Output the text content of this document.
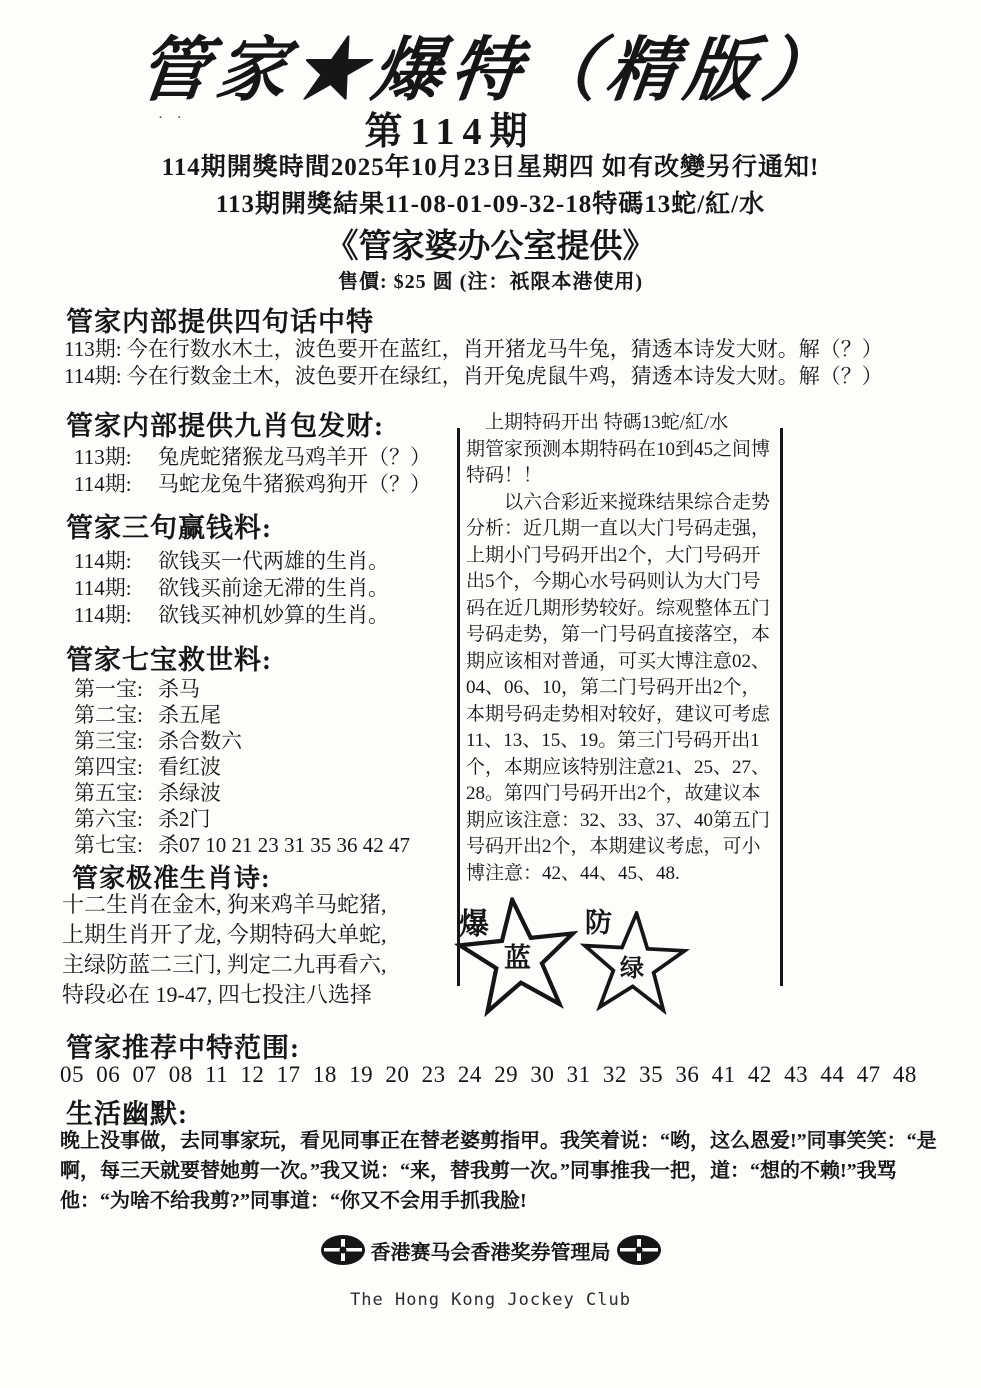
管家★爆特（精版）
· ·	第114期
114期開獎時間2025年10月23日星期四 如有改變另行通知!
113期開獎結果11-08-01-09-32-18特碼13蛇/紅/水
《管家婆办公室提供》
售價: $25 圆 (注：祇限本港使用)
管家内部提供四句话中特
113期: 今在行数水木土，波色要开在蓝红，肖开猪龙马牛兔，猜透本诗发大财。解（？）
114期: 今在行数金土木，波色要开在绿红，肖开兔虎鼠牛鸡，猜透本诗发大财。解（？）
管家内部提供九肖包发财:
113期: 兔虎蛇猪猴龙马鸡羊开（？）
114期: 马蛇龙兔牛猪猴鸡狗开（？）
管家三句赢钱料:
114期: 欲钱买一代两雄的生肖。
114期: 欲钱买前途无滞的生肖。
114期: 欲钱买神机妙算的生肖。
管家七宝救世料:
第一宝: 杀马
第二宝: 杀五尾
第三宝: 杀合数六
第四宝: 看红波
第五宝: 杀绿波
第六宝: 杀2门
第七宝: 杀07 10 21 23 31 35 36 42 47
管家极准生肖诗:
十二生肖在金木, 狗来鸡羊马蛇猪,
上期生肖开了龙, 今期特码大单蛇,
主绿防蓝二三门, 判定二九再看六,
特段必在 19-47, 四七投注八选择
　上期特码开出 特碼13蛇/紅/水
期管家预测本期特码在10到45之间博
特码！！
　　以六合彩近来搅珠结果综合走势
分析：近几期一直以大门号码走强，
上期小门号码开出2个，大门号码开
出5个，今期心水号码则认为大门号
码在近几期形势较好。综观整体五门
号码走势，第一门号码直接落空，本
期应该相对普通，可买大博注意02、
04、06、10，第二门号码开出2个，
本期号码走势相对较好，建议可考虑
11、13、15、19。第三门号码开出1
个，本期应该特别注意21、25、27、
28。第四门号码开出2个，故建议本
期应该注意：32、33、37、40第五门
号码开出2个，本期建议考虑，可小
博注意：42、44、45、48.
爆	防
蓝	绿
管家推荐中特范围:
05 06 07 08 11 12 17 18 19 20 23 24 29 30 31 32 35 36 41 42 43 44 47 48
生活幽默:
晚上没事做，去同事家玩，看见同事正在替老婆剪指甲。我笑着说：“哟，这么恩爱!”同事笑笑：“是
啊，每三天就要替她剪一次。”我又说：“来，替我剪一次。”同事推我一把，道：“想的不赖!”我骂
他：“为啥不给我剪?”同事道：“你又不会用手抓我脸!
香港赛马会香港奖券管理局
The Hong Kong Jockey Club
